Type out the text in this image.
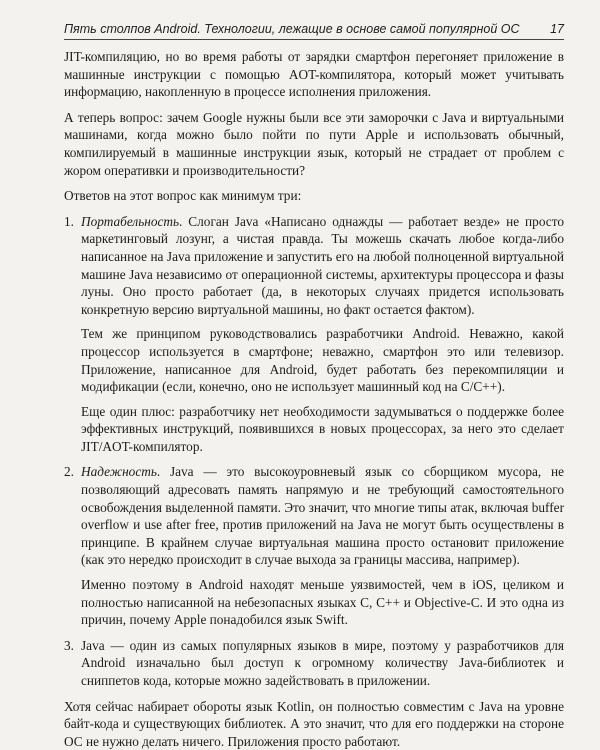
Пять столпов Android. Технологии, лежащие в основе самой популярной ОС 17

JIT-компиляцию, но во время работы от зарядки смартфон перегоняет приложение в машинные инструкции с помощью AOT-компилятора, который может учитывать информацию, накопленную в процессе исполнения приложения.

А теперь вопрос: зачем Google нужны были все эти заморочки с Java и виртуальными машинами, когда можно было пойти по пути Apple и использовать обычный, компилируемый в машинные инструкции язык, который не страдает от проблем с жором оперативки и производительности?

Ответов на этот вопрос как минимум три:

1. Портабельность. Слоган Java «Написано однажды — работает везде» не просто маркетинговый лозунг, а чистая правда. Ты можешь скачать любое когда-либо написанное на Java приложение и запустить его на любой полноценной виртуальной машине Java независимо от операционной системы, архитектуры процессора и фазы луны. Оно просто работает (да, в некоторых случаях придется использовать конкретную версию виртуальной машины, но факт остается фактом).

Тем же принципом руководствовались разработчики Android. Неважно, какой процессор используется в смартфоне; неважно, смартфон это или телевизор. Приложение, написанное для Android, будет работать без перекомпиляции и модификации (если, конечно, оно не использует машинный код на C/C++).

Еще один плюс: разработчику нет необходимости задумываться о поддержке более эффективных инструкций, появившихся в новых процессорах, за него это сделает JIT/AOT-компилятор.

2. Надежность. Java — это высокоуровневый язык со сборщиком мусора, не позволяющий адресовать память напрямую и не требующий самостоятельного освобождения выделенной памяти. Это значит, что многие типы атак, включая buffer overflow и use after free, против приложений на Java не могут быть осуществлены в принципе. В крайнем случае виртуальная машина просто остановит приложение (как это нередко происходит в случае выхода за границы массива, например).

Именно поэтому в Android находят меньше уязвимостей, чем в iOS, целиком и полностью написанной на небезопасных языках C, C++ и Objective-C. И это одна из причин, почему Apple понадобился язык Swift.

3. Java — один из самых популярных языков в мире, поэтому у разработчиков для Android изначально был доступ к огромному количеству Java-библиотек и сниппетов кода, которые можно задействовать в приложении.

Хотя сейчас набирает обороты язык Kotlin, он полностью совместим с Java на уровне байт-кода и существующих библиотек. А это значит, что для его поддержки на стороне ОС не нужно делать ничего. Приложения просто работают.
